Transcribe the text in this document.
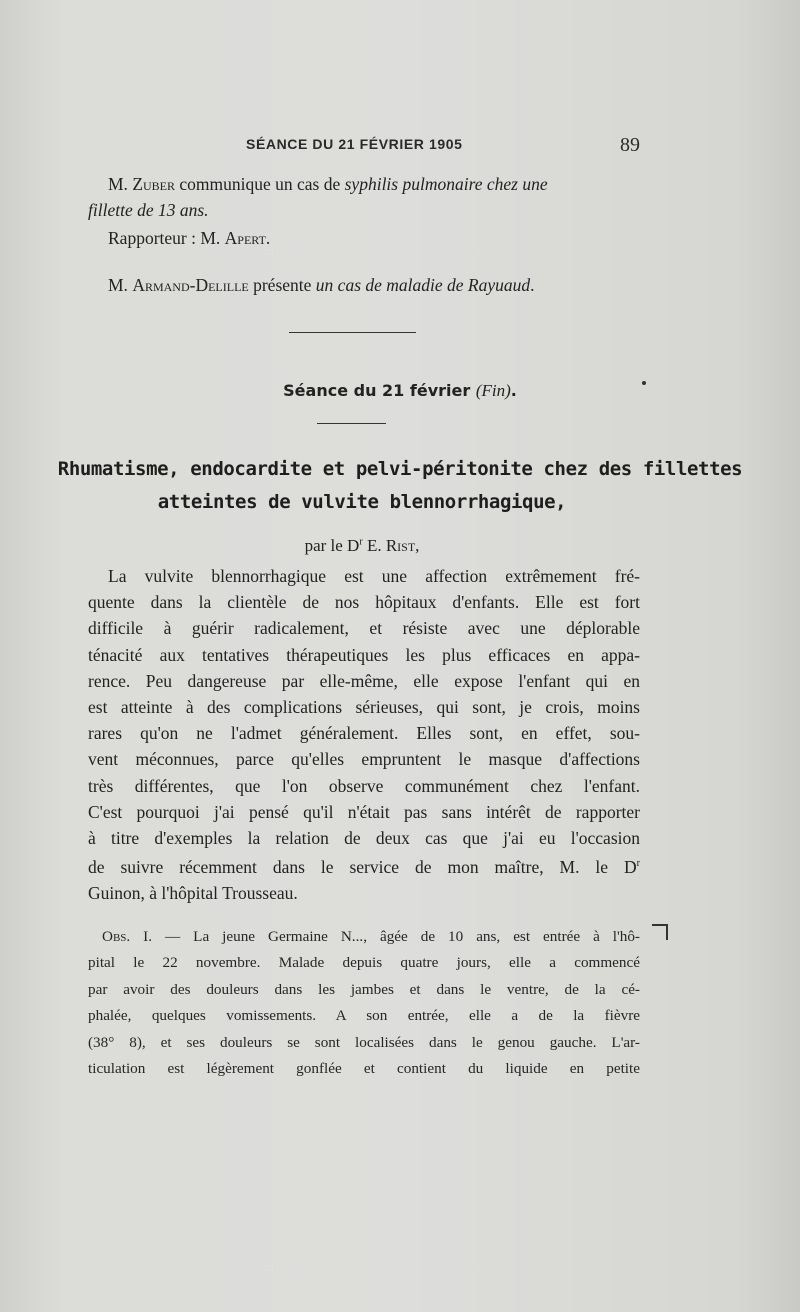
SÉANCE DU 21 FÉVRIER 1905	89
M. Zuber communique un cas de syphilis pulmonaire chez une
fillette de 13 ans.
Rapporteur : M. Apert.
M. Armand-Delille présente un cas de maladie de Rayuaud.
Séance du 21 février (Fin).
Rhumatisme, endocardite et pelvi-péritonite chez des fillettes
atteintes de vulvite blennorrhagique,
par le $D^r$ E. Rist,
La vulvite blennorrhagique est une affection extrêmement fré-
quente dans la clientèle de nos hôpitaux d'enfants. Elle est fort
difficile à guérir radicalement, et résiste avec une déplorable
ténacité aux tentatives thérapeutiques les plus efficaces en appa-
rence. Peu dangereuse par elle-même, elle expose l'enfant qui en
est atteinte à des complications sérieuses, qui sont, je crois, moins
rares qu'on ne l'admet généralement. Elles sont, en effet, sou-
vent méconnues, parce qu'elles empruntent le masque d'affections
très différentes, que l'on observe communément chez l'enfant.
C'est pourquoi j'ai pensé qu'il n'était pas sans intérêt de rapporter
à titre d'exemples la relation de deux cas que j'ai eu l'occasion
de suivre récemment dans le service de mon maître, M. le $D^r$
Guinon, à l'hôpital Trousseau.
Obs. I. — La jeune Germaine N..., âgée de 10 ans, est entrée à l'hô-
pital le 22 novembre. Malade depuis quatre jours, elle a commencé
par avoir des douleurs dans les jambes et dans le ventre, de la cé-
phalée, quelques vomissements. A son entrée, elle a de la fièvre
(38° 8), et ses douleurs se sont localisées dans le genou gauche. L'ar-
ticulation est légèrement gonflée et contient du liquide en petite
